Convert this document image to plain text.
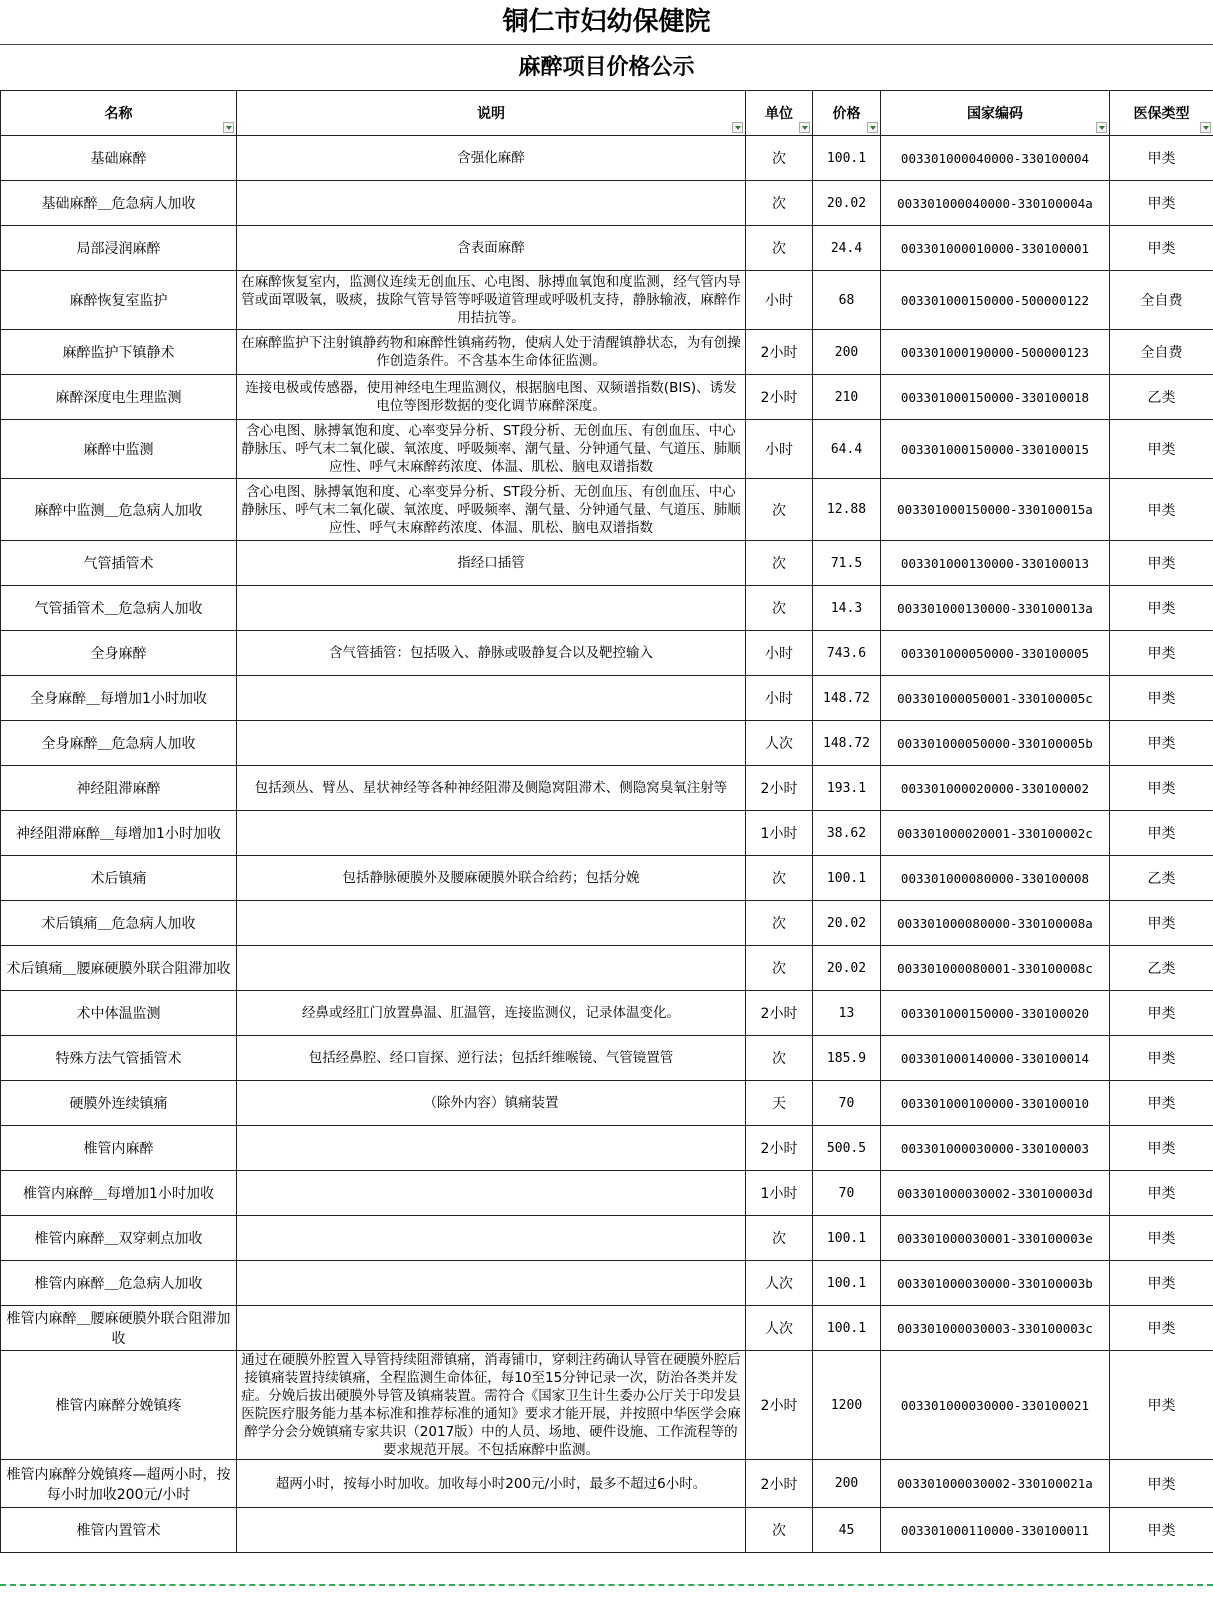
铜仁市妇幼保健院
麻醉项目价格公示
名称	说明	单位	价格	国家编码	医保类型

基础麻醉	含强化麻醉	次	100.1	003301000040000-330100004	甲类
基础麻醉＿危急病人加收		次	20.02	003301000040000-330100004a	甲类
局部浸润麻醉	含表面麻醉	次	24.4	003301000010000-330100001	甲类
麻醉恢复室监护	在麻醉恢复室内，监测仪连续无创血压、心电图、脉搏血氧饱和度监测，经气管内导管或面罩吸氧，吸痰，拔除气管导管等呼吸道管理或呼吸机支持，静脉输液，麻醉作用拮抗等。	小时	68	003301000150000-500000122	全自费
麻醉监护下镇静术	在麻醉监护下注射镇静药物和麻醉性镇痛药物，使病人处于清醒镇静状态，为有创操作创造条件。不含基本生命体征监测。	2小时	200	003301000190000-500000123	全自费
麻醉深度电生理监测	连接电极或传感器，使用神经电生理监测仪，根据脑电图、双频谱指数(BIS)、诱发电位等图形数据的变化调节麻醉深度。	2小时	210	003301000150000-330100018	乙类
麻醉中监测	含心电图、脉搏氧饱和度、心率变异分析、ST段分析、无创血压、有创血压、中心静脉压、呼气末二氧化碳、氧浓度、呼吸频率、潮气量、分钟通气量、气道压、肺顺应性、呼气末麻醉药浓度、体温、肌松、脑电双谱指数	小时	64.4	003301000150000-330100015	甲类
麻醉中监测＿危急病人加收	含心电图、脉搏氧饱和度、心率变异分析、ST段分析、无创血压、有创血压、中心静脉压、呼气末二氧化碳、氧浓度、呼吸频率、潮气量、分钟通气量、气道压、肺顺应性、呼气末麻醉药浓度、体温、肌松、脑电双谱指数	次	12.88	003301000150000-330100015a	甲类
气管插管术	指经口插管	次	71.5	003301000130000-330100013	甲类
气管插管术＿危急病人加收		次	14.3	003301000130000-330100013a	甲类
全身麻醉	含气管插管：包括吸入、静脉或吸静复合以及靶控输入	小时	743.6	003301000050000-330100005	甲类
全身麻醉＿每增加1小时加收		小时	148.72	003301000050001-330100005c	甲类
全身麻醉＿危急病人加收		人次	148.72	003301000050000-330100005b	甲类
神经阻滞麻醉	包括颈丛、臂丛、星状神经等各种神经阻滞及侧隐窝阻滞术、侧隐窝臭氧注射等	2小时	193.1	003301000020000-330100002	甲类
神经阻滞麻醉＿每增加1小时加收		1小时	38.62	003301000020001-330100002c	甲类
术后镇痛	包括静脉硬膜外及腰麻硬膜外联合给药；包括分娩	次	100.1	003301000080000-330100008	乙类
术后镇痛＿危急病人加收		次	20.02	003301000080000-330100008a	甲类
术后镇痛＿腰麻硬膜外联合阻滞加收		次	20.02	003301000080001-330100008c	乙类
术中体温监测	经鼻或经肛门放置鼻温、肛温管，连接监测仪，记录体温变化。	2小时	13	003301000150000-330100020	甲类
特殊方法气管插管术	包括经鼻腔、经口盲探、逆行法；包括纤维喉镜、气管镜置管	次	185.9	003301000140000-330100014	甲类
硬膜外连续镇痛	（除外内容）镇痛装置	天	70	003301000100000-330100010	甲类
椎管内麻醉		2小时	500.5	003301000030000-330100003	甲类
椎管内麻醉＿每增加1小时加收		1小时	70	003301000030002-330100003d	甲类
椎管内麻醉＿双穿刺点加收		次	100.1	003301000030001-330100003e	甲类
椎管内麻醉＿危急病人加收		人次	100.1	003301000030000-330100003b	甲类
椎管内麻醉＿腰麻硬膜外联合阻滞加收		人次	100.1	003301000030003-330100003c	甲类
椎管内麻醉分娩镇疼	通过在硬膜外腔置入导管持续阻滞镇痛，消毒铺巾，穿刺注药确认导管在硬膜外腔后接镇痛装置持续镇痛，全程监测生命体征，每10至15分钟记录一次，防治各类并发症。分娩后拔出硬膜外导管及镇痛装置。需符合《国家卫生计生委办公厅关于印发县医院医疗服务能力基本标准和推荐标准的通知》要求才能开展，并按照中华医学会麻醉学分会分娩镇痛专家共识（2017版）中的人员、场地、硬件设施、工作流程等的要求规范开展。不包括麻醉中监测。	2小时	1200	003301000030000-330100021	甲类
椎管内麻醉分娩镇疼—超两小时，按每小时加收200元/小时	超两小时，按每小时加收。加收每小时200元/小时，最多不超过6小时。	2小时	200	003301000030002-330100021a	甲类
椎管内置管术		次	45	003301000110000-330100011	甲类
